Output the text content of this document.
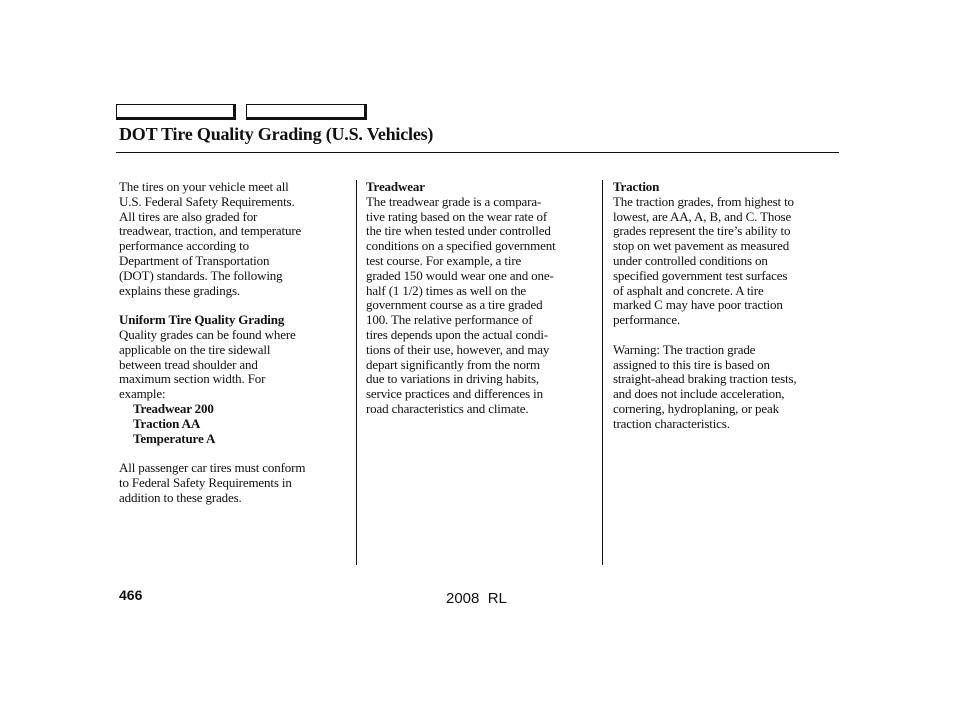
DOT Tire Quality Grading (U.S. Vehicles)
The tires on your vehicle meet all
U.S. Federal Safety Requirements.
All tires are also graded for
treadwear, traction, and temperature
performance according to
Department of Transportation
(DOT) standards. The following
explains these gradings.
Uniform Tire Quality Grading
Quality grades can be found where
applicable on the tire sidewall
between tread shoulder and
maximum section width. For
example:
Treadwear 200
Traction AA
Temperature A
All passenger car tires must conform
to Federal Safety Requirements in
addition to these grades.
Treadwear
The treadwear grade is a compara-
tive rating based on the wear rate of
the tire when tested under controlled
conditions on a specified government
test course. For example, a tire
graded 150 would wear one and one-
half (1 1/2) times as well on the
government course as a tire graded
100. The relative performance of
tires depends upon the actual condi-
tions of their use, however, and may
depart significantly from the norm
due to variations in driving habits,
service practices and differences in
road characteristics and climate.
Traction
The traction grades, from highest to
lowest, are AA, A, B, and C. Those
grades represent the tire’s ability to
stop on wet pavement as measured
under controlled conditions on
specified government test surfaces
of asphalt and concrete. A tire
marked C may have poor traction
performance.
Warning: The traction grade
assigned to this tire is based on
straight-ahead braking traction tests,
and does not include acceleration,
cornering, hydroplaning, or peak
traction characteristics.
466	2008  RL
